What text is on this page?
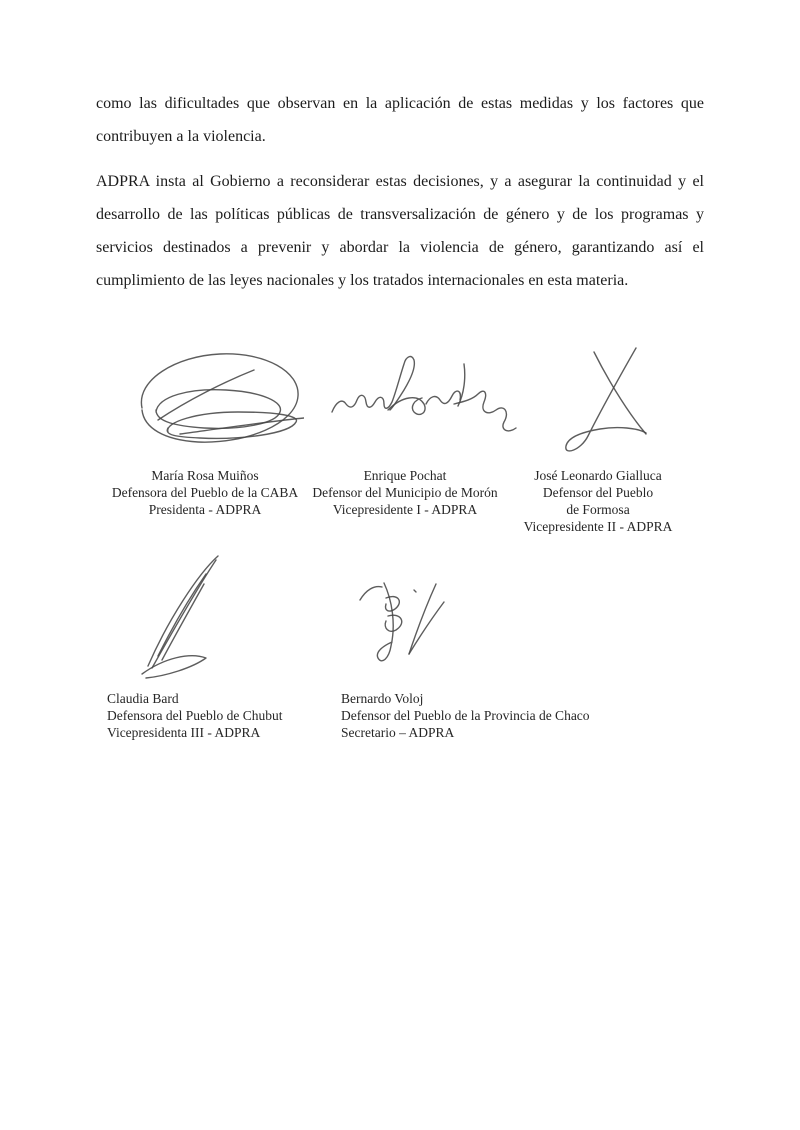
como las dificultades que observan en la aplicación de estas medidas y los factores que contribuyen a la violencia.

ADPRA insta al Gobierno a reconsiderar estas decisiones, y a asegurar la continuidad y el desarrollo de las políticas públicas de transversalización de género y de los programas y servicios destinados a prevenir y abordar la violencia de género, garantizando así el cumplimiento de las leyes nacionales y los tratados internacionales en esta materia.

María Rosa Muiños
Defensora del Pueblo de la CABA
Presidenta - ADPRA
Enrique Pochat
Defensor del Municipio de Morón
Vicepresidente I - ADPRA
José Leonardo Gialluca
Defensor del Pueblo
de Formosa
Vicepresidente II - ADPRA
Claudia Bard
Defensora del Pueblo de Chubut
Vicepresidenta III - ADPRA
Bernardo Voloj
Defensor del Pueblo de la Provincia de Chaco
Secretario – ADPRA
